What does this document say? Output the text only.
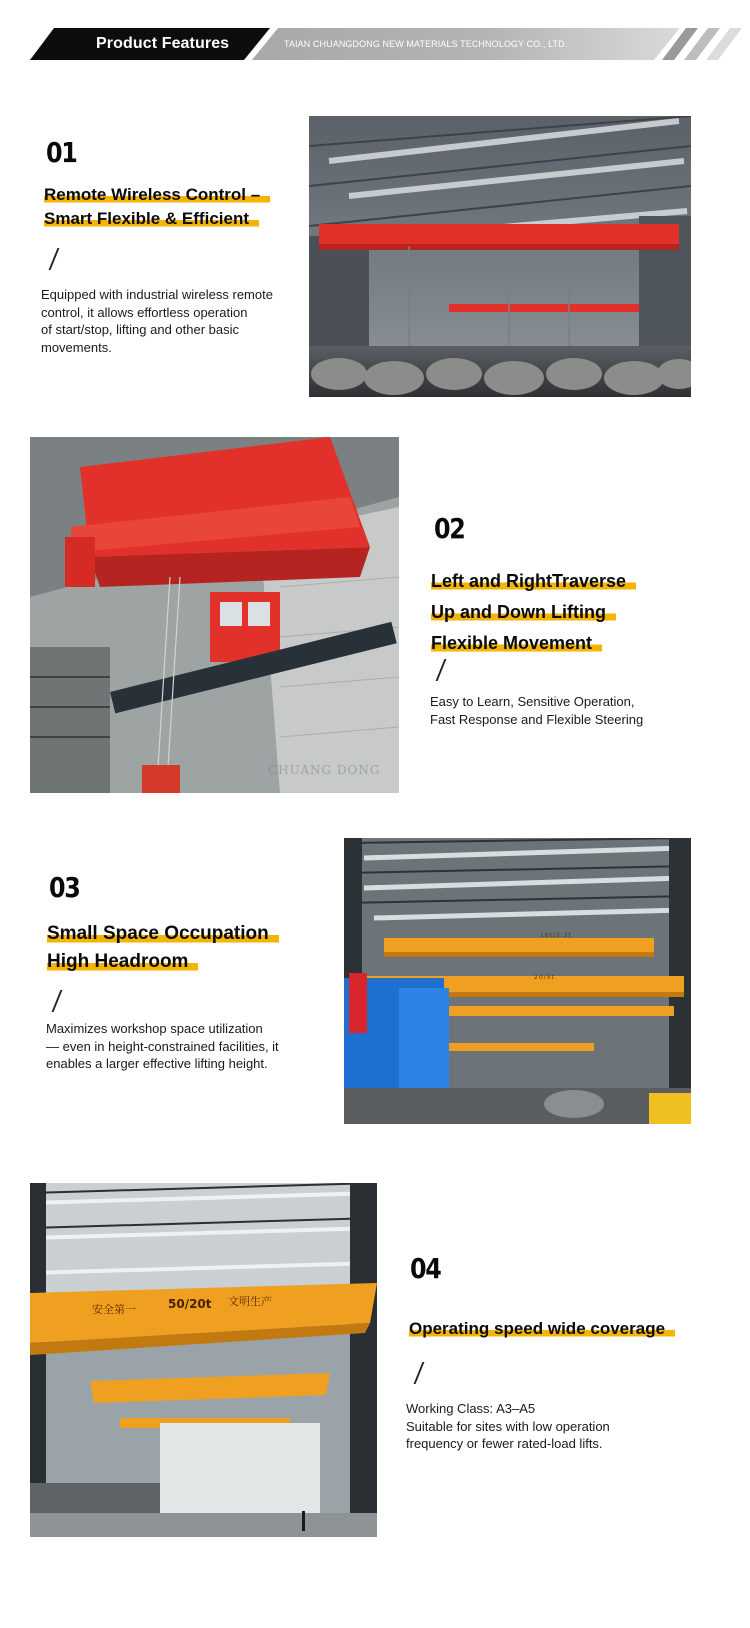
Product Features	TAIAN CHUANGDONG NEW MATERIALS TECHNOLOGY CO., LTD.
01
Remote Wireless Control –
Smart Flexible & Efficient
Equipped with industrial wireless remote
control, it allows effortless operation
of start/stop, lifting and other basic
movements.
CHUANG DONG
02
Left and RightTraverse
Up and Down Lifting
Flexible Movement
Easy to Learn, Sensitive Operation,
Fast Response and Flexible Steering
03
Small Space Occupation
High Headroom
Maximizes workshop space utilization
— even in height-constrained facilities, it
enables a larger effective lifting height.
16t/3.2t
20/5t
安全第一	50/20t 文明生产
04
Operating speed wide coverage
Working Class: A3–A5
Suitable for sites with low operation
frequency or fewer rated-load lifts.
